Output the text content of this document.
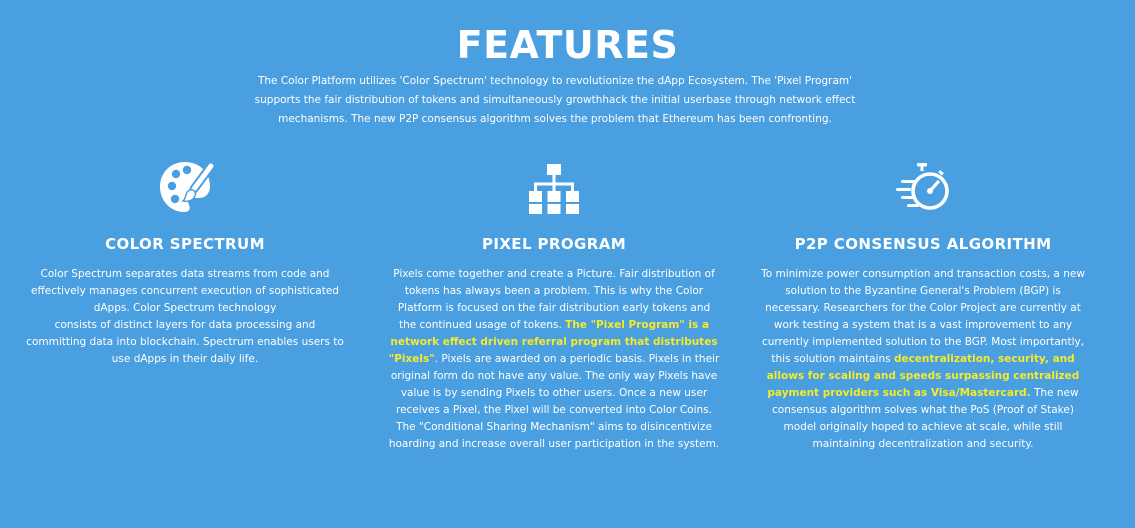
FEATURES
The Color Platform utilizes 'Color Spectrum' technology to revolutionize the dApp Ecosystem. The 'Pixel Program' supports the fair distribution of tokens and simultaneously growthhack the initial userbase through network effect mechanisms. The new P2P consensus algorithm solves the problem that Ethereum has been confronting.
COLOR SPECTRUM

Color Spectrum separates data streams from code and effectively manages concurrent execution of sophisticated dApps. Color Spectrum technology
consists of distinct layers for data processing and committing data into blockchain. Spectrum enables users to use dApps in their daily life.

PIXEL PROGRAM

Pixels come together and create a Picture. Fair distribution of tokens has always been a problem. This is why the Color Platform is focused on the fair distribution early tokens and the continued usage of tokens. The "Pixel Program" is a network effect driven referral program that distributes "Pixels". Pixels are awarded on a periodic basis. Pixels in their original form do not have any value. The only way Pixels have value is by sending Pixels to other users. Once a new user receives a Pixel, the Pixel will be converted into Color Coins. The "Conditional Sharing Mechanism" aims to disincentivize hoarding and increase overall user participation in the system.

P2P CONSENSUS ALGORITHM

To minimize power consumption and transaction costs, a new solution to the Byzantine General's Problem (BGP) is necessary. Researchers for the Color Project are currently at work testing a system that is a vast improvement to any currently implemented solution to the BGP. Most importantly, this solution maintains decentralization, security, and allows for scaling and speeds surpassing centralized payment providers such as Visa/Mastercard. The new consensus algorithm solves what the PoS (Proof of Stake) model originally hoped to achieve at scale, while still maintaining decentralization and security.
